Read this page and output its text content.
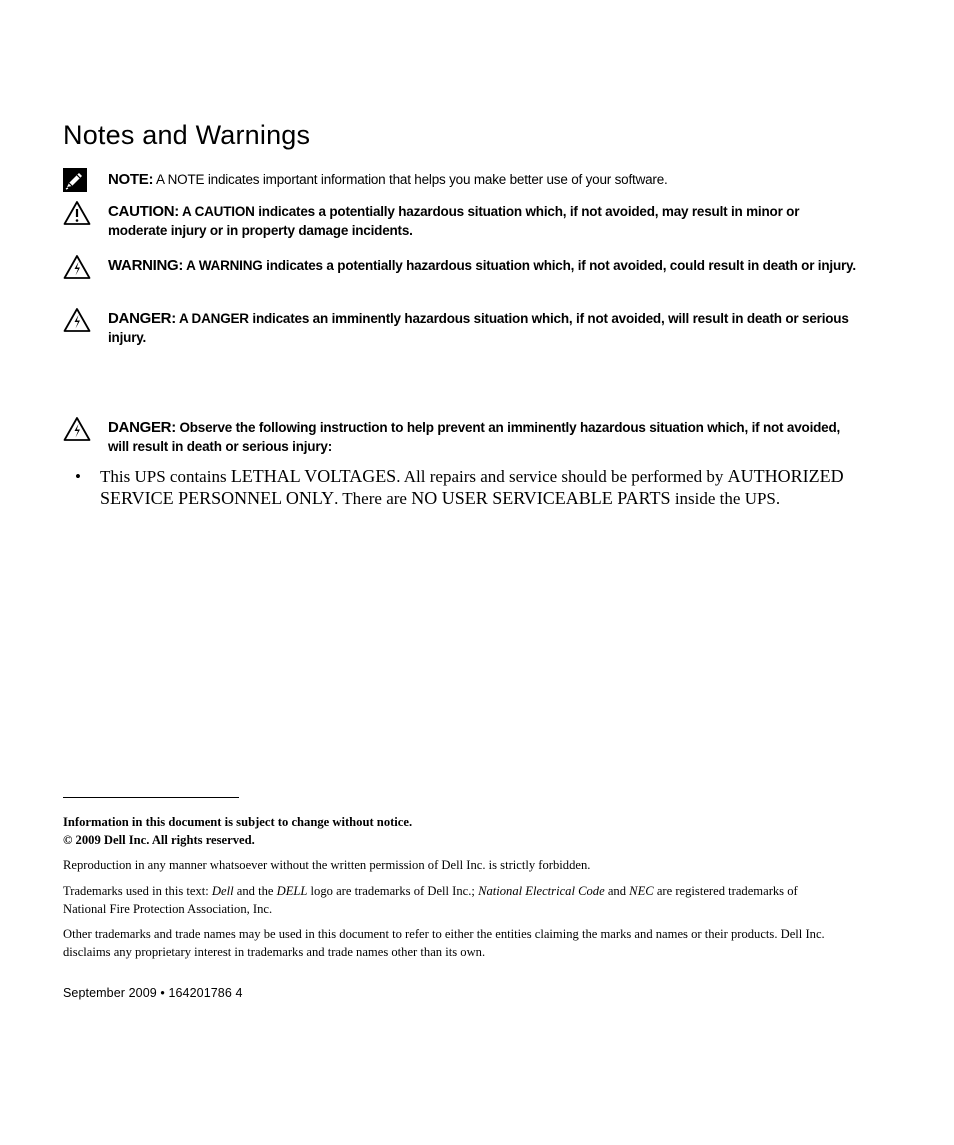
Notes and Warnings
NOTE: A NOTE indicates important information that helps you make better use of your software.
CAUTION: A CAUTION indicates a potentially hazardous situation which, if not avoided, may result in minor or moderate injury or in property damage incidents.
WARNING: A WARNING indicates a potentially hazardous situation which, if not avoided, could result in death or injury.
DANGER: A DANGER indicates an imminently hazardous situation which, if not avoided, will result in death or serious injury.
DANGER: Observe the following instruction to help prevent an imminently hazardous situation which, if not avoided, will result in death or serious injury:
• This UPS contains LETHAL VOLTAGES. All repairs and service should be performed by AUTHORIZED SERVICE PERSONNEL ONLY. There are NO USER SERVICEABLE PARTS inside the UPS.

Information in this document is subject to change without notice.

© 2009 Dell Inc. All rights reserved.

Reproduction in any manner whatsoever without the written permission of Dell Inc. is strictly forbidden.

Trademarks used in this text: Dell and the DELL logo are trademarks of Dell Inc.; National Electrical Code and NEC are registered trademarks of National Fire Protection Association, Inc.

Other trademarks and trade names may be used in this document to refer to either the entities claiming the marks and names or their products. Dell Inc. disclaims any proprietary interest in trademarks and trade names other than its own.

September 2009 • 164201786 4
